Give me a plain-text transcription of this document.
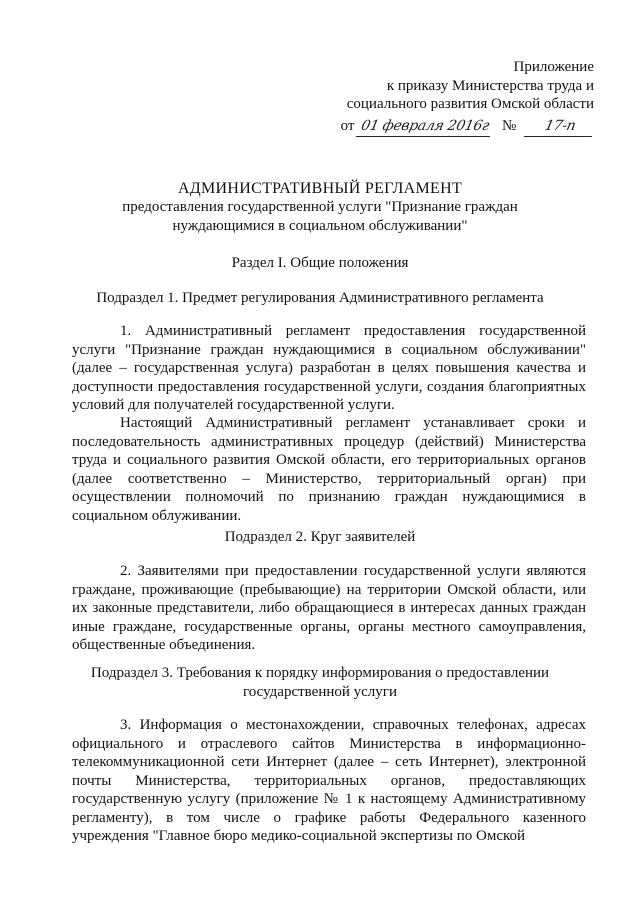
Приложение
к приказу Министерства труда и
социального развития Омской области
от 01 февраля 2016г № 17-п
АДМИНИСТРАТИВНЫЙ РЕГЛАМЕНТ
предоставления государственной услуги "Признание граждан
нуждающимися в социальном обслуживании"
Раздел I. Общие положения
Подраздел 1. Предмет регулирования Административного регламента
1. Административный регламент предоставления государственной услуги "Признание граждан нуждающимися в социальном обслуживании" (далее – государственная услуга) разработан в целях повышения качества и доступности предоставления государственной услуги, создания благоприятных условий для получателей государственной услуги.
Настоящий Административный регламент устанавливает сроки и последовательность административных процедур (действий) Министерства труда и социального развития Омской области, его территориальных органов (далее соответственно – Министерство, территориальный орган) при осуществлении полномочий по признанию граждан нуждающимися в социальном облуживании.
Подраздел 2. Круг заявителей
2. Заявителями при предоставлении государственной услуги являются граждане, проживающие (пребывающие) на территории Омской области, или их законные представители, либо обращающиеся в интересах данных граждан иные граждане, государственные органы, органы местного самоуправления, общественные объединения.
Подраздел 3. Требования к порядку информирования о предоставлении
государственной услуги
3. Информация о местонахождении, справочных телефонах, адресах официального и отраслевого сайтов Министерства в информационно-телекоммуникационной сети Интернет (далее – сеть Интернет), электронной почты Министерства, территориальных органов, предоставляющих государственную услугу (приложение № 1 к настоящему Административному регламенту), в том числе о графике работы Федерального казенного учреждения "Главное бюро медико-социальной экспертизы по Омской
